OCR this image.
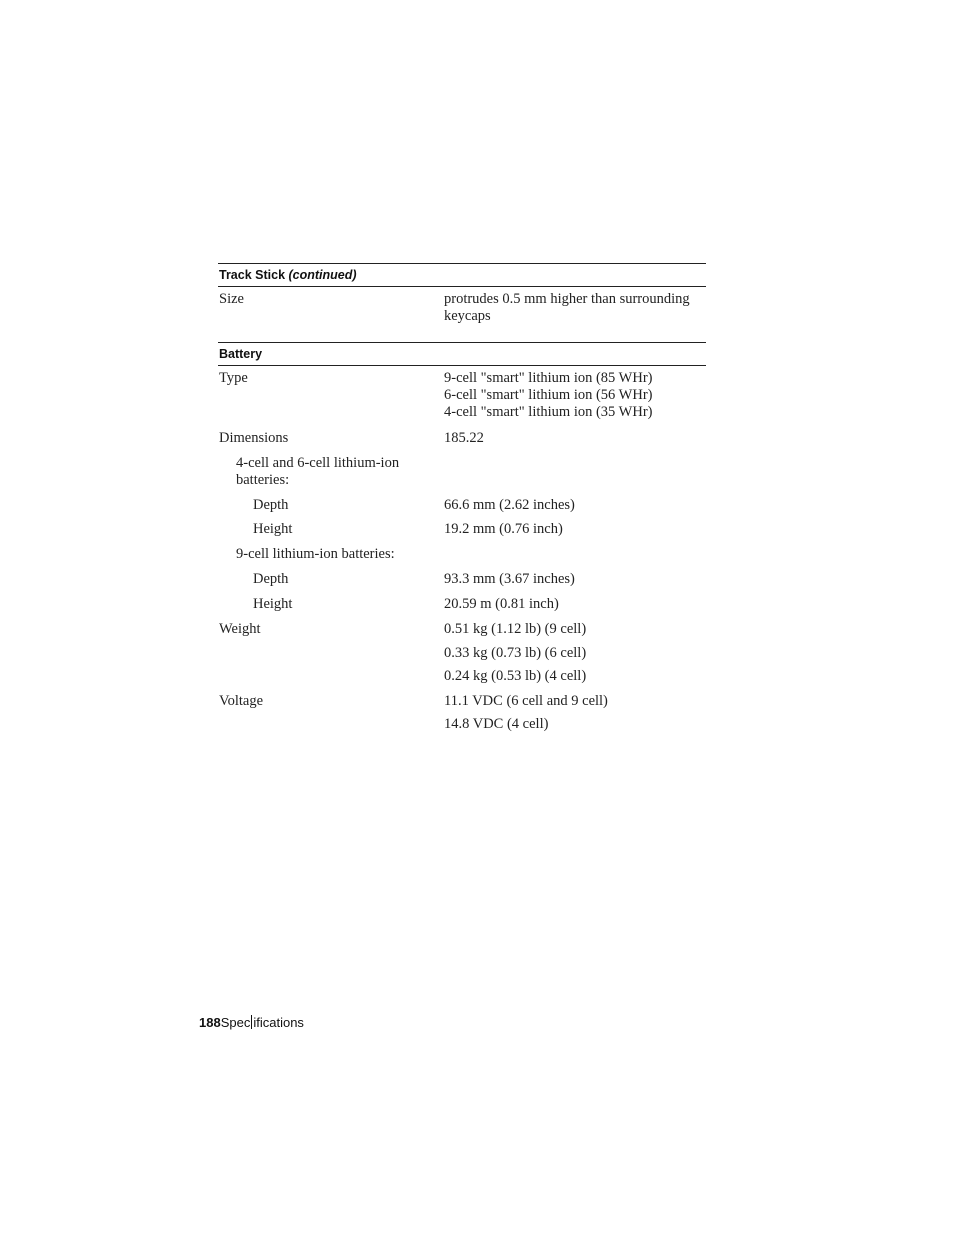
Track Stick (continued)
Size	protrudes 0.5 mm higher than surrounding keycaps
Battery
Type	9-cell "smart" lithium ion (85 WHr)
6-cell "smart" lithium ion (56 WHr)
4-cell "smart" lithium ion (35 WHr)
Dimensions	185.22
4-cell and 6-cell lithium-ion batteries:
Depth	66.6 mm (2.62 inches)
Height	19.2 mm (0.76 inch)
9-cell lithium-ion batteries:
Depth	93.3 mm (3.67 inches)
Height	20.59 m (0.81 inch)
Weight	0.51 kg (1.12 lb) (9 cell)
0.33 kg (0.73 lb) (6 cell)
0.24 kg (0.53 lb) (4 cell)
Voltage	11.1 VDC (6 cell and 9 cell)
14.8 VDC (4 cell)
188Spec ifications
